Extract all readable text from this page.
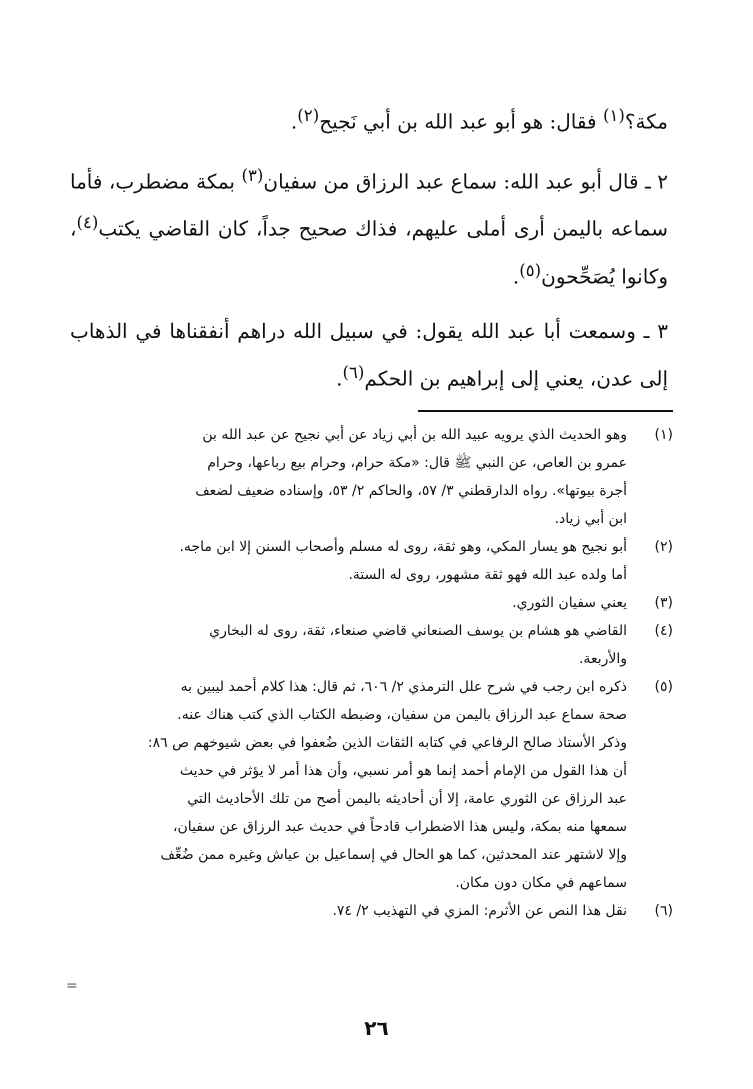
مكة؟$^{(١)}$ فقال: هو أبو عبد الله بن أبي نَجيح$^{(٢)}$.

٢ ـ قال أبو عبد الله: سماع عبد الرزاق من سفيان$^{(٣)}$ بمكة مضطرب، فأما سماعه باليمن أرى أملى عليهم، فذاك صحيح جداً، كان القاضي يكتب$^{(٤)}$، وكانوا يُصَحِّحون$^{(٥)}$.

٣ ـ وسمعت أبا عبد الله يقول: في سبيل الله دراهم أنفقناها في الذهاب إلى عدن، يعني إلى إبراهيم بن الحكم$^{(٦)}$.

(١)
وهو الحديث الذي يرويه عبيد الله بن أبي زياد عن أبي نجيح عن عبد الله بن
عمرو بن العاص، عن النبي ﷺ قال: «مكة حرام، وحرام بيع رباعها، وحرام
أجرة بيوتها». رواه الدارقطني ٣/ ٥٧، والحاكم ٢/ ٥٣، وإسناده ضعيف لضعف
ابن أبي زياد.
(٢)
أبو نجيح هو يسار المكي، وهو ثقة، روى له مسلم وأصحاب السنن إلا ابن ماجه.
أما ولده عبد الله فهو ثقة مشهور، روى له الستة.
(٣)
يعني سفيان الثوري.
(٤)
القاضي هو هشام بن يوسف الصنعاني قاضي صنعاء، ثقة، روى له البخاري
والأربعة.
(٥)
ذكره ابن رجب في شرح علل الترمذي ٢/ ٦٠٦، ثم قال: هذا كلام أحمد ليبين به
صحة سماع عبد الرزاق باليمن من سفيان، وضبطه الكتاب الذي كتب هناك عنه.
وذكر الأستاذ صالح الرفاعي في كتابه الثقات الذين ضُعفوا في بعض شيوخهم ص ٨٦:
أن هذا القول من الإمام أحمد إنما هو أمر نسبي، وأن هذا أمر لا يؤثر في حديث
عبد الرزاق عن الثوري عامة، إلا أن أحاديثه باليمن أصح من تلك الأحاديث التي
سمعها منه بمكة، وليس هذا الاضطراب قادحاً في حديث عبد الرزاق عن سفيان،
وإلا لاشتهر عند المحدثين، كما هو الحال في إسماعيل بن عياش وغيره ممن ضُعِّف
سماعهم في مكان دون مكان.
(٦)
نقل هذا النص عن الأثرم: المزي في التهذيب ٢/ ٧٤.
=
٢٦
